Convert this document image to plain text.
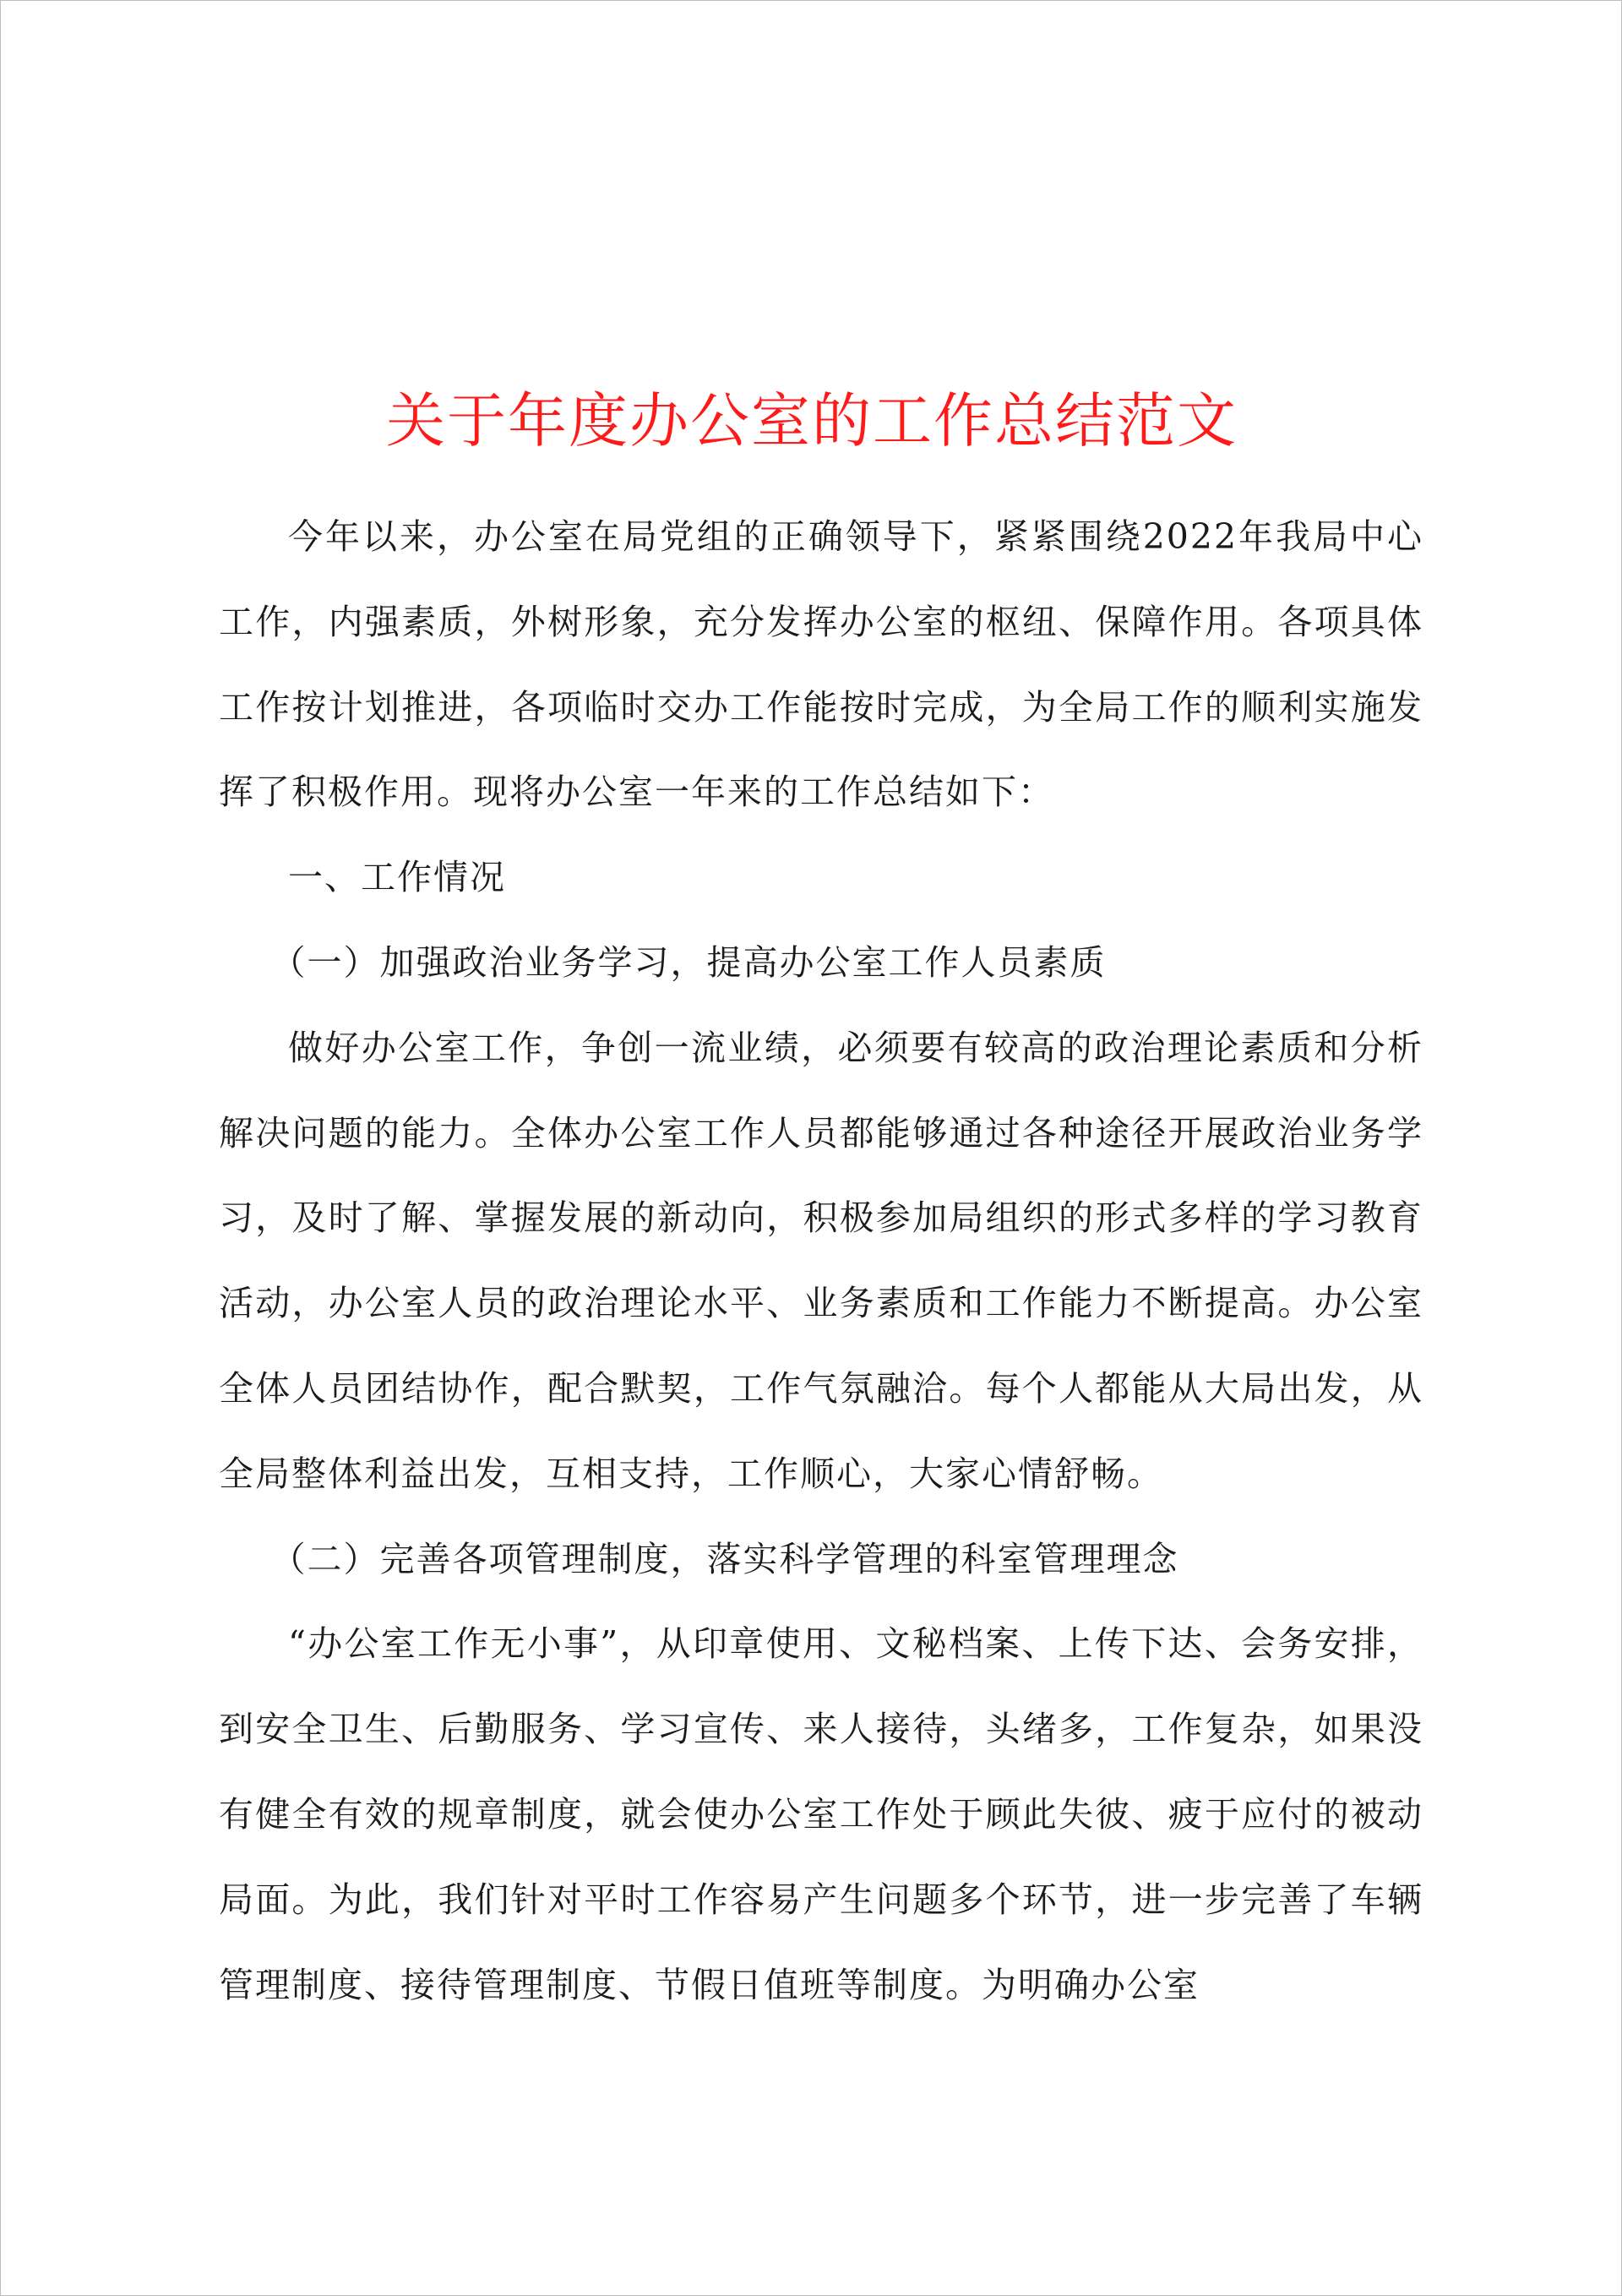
关于年度办公室的工作总结范文

今年以来，办公室在局党组的正确领导下，紧紧围绕2022年我局中心工作，内强素质，外树形象，充分发挥办公室的枢纽、保障作用。各项具体工作按计划推进，各项临时交办工作能按时完成，为全局工作的顺利实施发挥了积极作用。现将办公室一年来的工作总结如下：

一、工作情况

（一）加强政治业务学习，提高办公室工作人员素质

做好办公室工作，争创一流业绩，必须要有较高的政治理论素质和分析解决问题的能力。全体办公室工作人员都能够通过各种途径开展政治业务学习，及时了解、掌握发展的新动向，积极参加局组织的形式多样的学习教育活动，办公室人员的政治理论水平、业务素质和工作能力不断提高。办公室全体人员团结协作，配合默契，工作气氛融洽。每个人都能从大局出发，从全局整体利益出发，互相支持，工作顺心，大家心情舒畅。

（二）完善各项管理制度，落实科学管理的科室管理理念

“办公室工作无小事”，从印章使用、文秘档案、上传下达、会务安排，到安全卫生、后勤服务、学习宣传、来人接待，头绪多，工作复杂，如果没有健全有效的规章制度，就会使办公室工作处于顾此失彼、疲于应付的被动局面。为此，我们针对平时工作容易产生问题多个环节，进一步完善了车辆管理制度、接待管理制度、节假日值班等制度。为明确办公室
